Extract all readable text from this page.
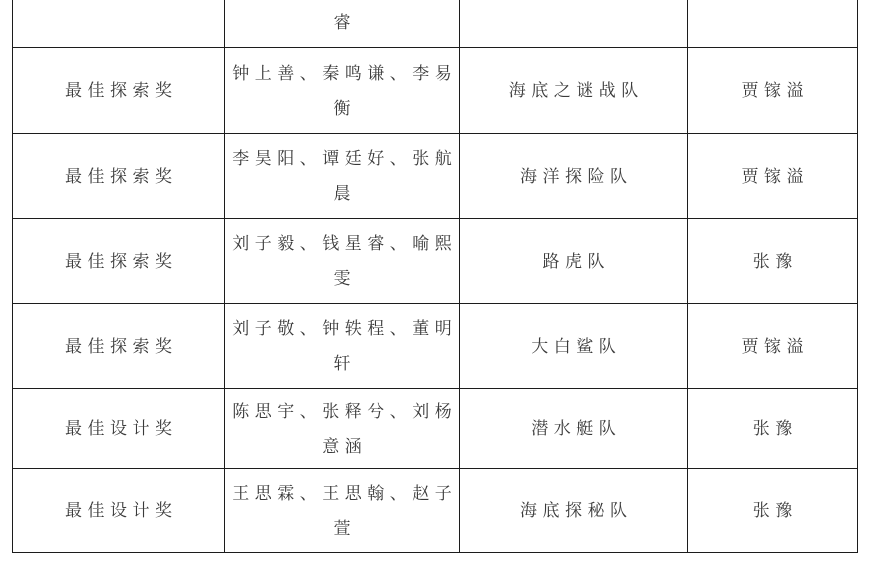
	睿		

最佳探索奖	钟上善、秦鸣谦、李易衡	海底之谜战队	贾镓溢

最佳探索奖	李昊阳、谭廷好、张航晨	海洋探险队	贾镓溢

最佳探索奖	刘子毅、钱星睿、喻熙雯	路虎队	张豫

最佳探索奖	刘子敬、钟轶程、董明轩	大白鲨队	贾镓溢

最佳设计奖	陈思宇、张释兮、刘杨意涵	潜水艇队	张豫

最佳设计奖	王思霖、王思翰、赵子萱	海底探秘队	张豫
